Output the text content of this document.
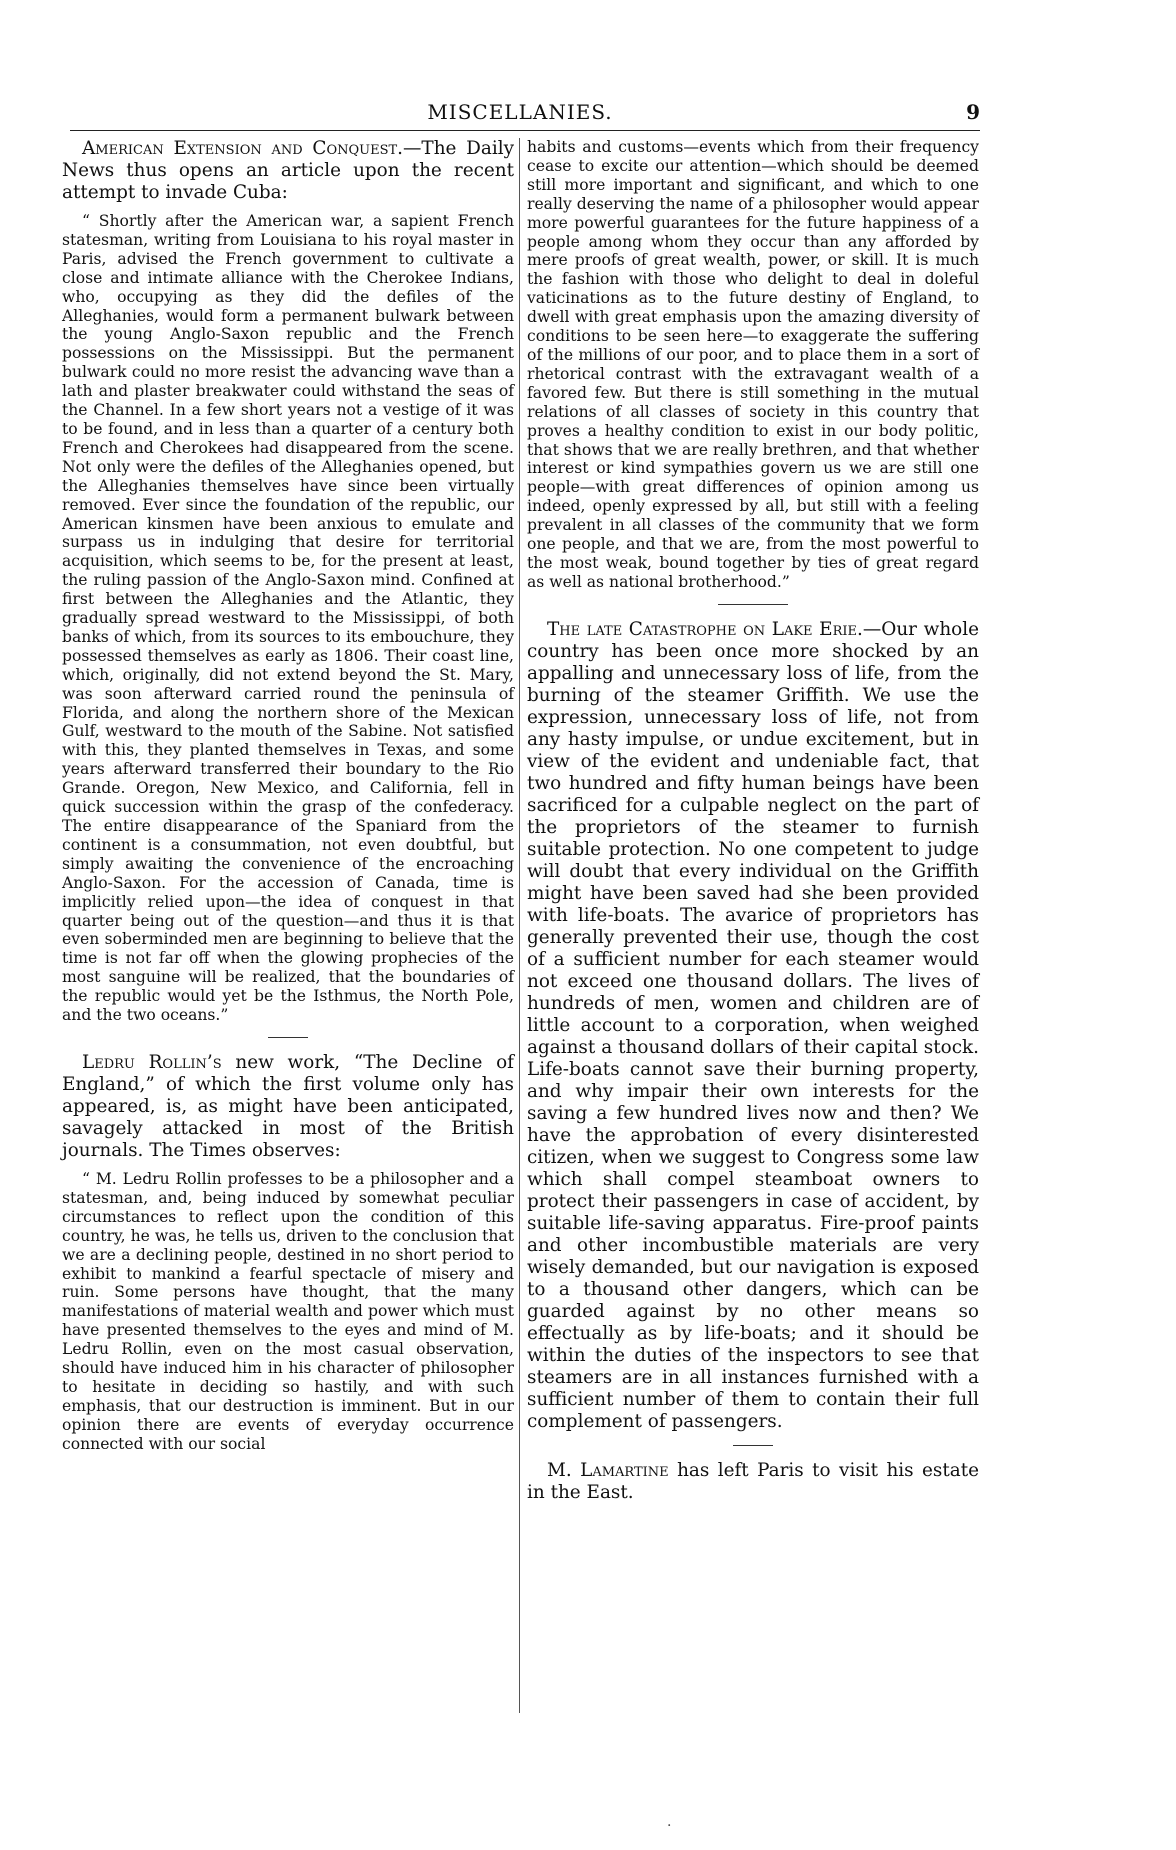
MISCELLANIES.	9

American Extension and Conquest.—The Daily News thus opens an article upon the recent attempt to invade Cuba:

“ Shortly after the American war, a sapient French statesman, writing from Louisiana to his royal master in Paris, advised the French government to cultivate a close and intimate alliance with the Cherokee Indians, who, occupying as they did the defiles of the Alleghanies, would form a permanent bulwark between the young Anglo-Saxon republic and the French possessions on the Mississippi. But the permanent bulwark could no more resist the advancing wave than a lath and plaster breakwater could withstand the seas of the Channel. In a few short years not a vestige of it was to be found, and in less than a quarter of a century both French and Cherokees had disappeared from the scene. Not only were the defiles of the Alleghanies opened, but the Alleghanies themselves have since been virtually removed. Ever since the foundation of the republic, our American kinsmen have been anxious to emulate and surpass us in indulging that desire for territorial acquisition, which seems to be, for the present at least, the ruling passion of the Anglo-Saxon mind. Confined at first between the Alleghanies and the Atlantic, they gradually spread westward to the Mississippi, of both banks of which, from its sources to its embouchure, they possessed themselves as early as 1806. Their coast line, which, originally, did not extend beyond the St. Mary, was soon afterward carried round the peninsula of Florida, and along the northern shore of the Mexican Gulf, westward to the mouth of the Sabine. Not satisfied with this, they planted themselves in Texas, and some years afterward transferred their boundary to the Rio Grande. Oregon, New Mexico, and California, fell in quick succession within the grasp of the confederacy. The entire disappearance of the Spaniard from the continent is a consummation, not even doubtful, but simply awaiting the convenience of the encroaching Anglo-Saxon. For the accession of Canada, time is implicitly relied upon—the idea of conquest in that quarter being out of the question—and thus it is that even soberminded men are beginning to believe that the time is not far off when the glowing prophecies of the most sanguine will be realized, that the boundaries of the republic would yet be the Isthmus, the North Pole, and the two oceans.”

Ledru Rollin’s new work, “The Decline of England,” of which the first volume only has appeared, is, as might have been anticipated, savagely attacked in most of the British journals. The Times observes:

“ M. Ledru Rollin professes to be a philosopher and a statesman, and, being induced by somewhat peculiar circumstances to reflect upon the condition of this country, he was, he tells us, driven to the conclusion that we are a declining people, destined in no short period to exhibit to mankind a fearful spectacle of misery and ruin. Some persons have thought, that the many manifestations of material wealth and power which must have presented themselves to the eyes and mind of M. Ledru Rollin, even on the most casual observation, should have induced him in his character of philosopher to hesitate in deciding so hastily, and with such emphasis, that our destruction is imminent. But in our opinion there are events of everyday occurrence connected with our social

habits and customs—events which from their frequency cease to excite our attention—which should be deemed still more important and significant, and which to one really deserving the name of a philosopher would appear more powerful guarantees for the future happiness of a people among whom they occur than any afforded by mere proofs of great wealth, power, or skill. It is much the fashion with those who delight to deal in doleful vaticinations as to the future destiny of England, to dwell with great emphasis upon the amazing diversity of conditions to be seen here—to exaggerate the suffering of the millions of our poor, and to place them in a sort of rhetorical contrast with the extravagant wealth of a favored few. But there is still something in the mutual relations of all classes of society in this country that proves a healthy condition to exist in our body politic, that shows that we are really brethren, and that whether interest or kind sympathies govern us we are still one people—with great differences of opinion among us indeed, openly expressed by all, but still with a feeling prevalent in all classes of the community that we form one people, and that we are, from the most powerful to the most weak, bound together by ties of great regard as well as national brotherhood.”

The late Catastrophe on Lake Erie.—Our whole country has been once more shocked by an appalling and unnecessary loss of life, from the burning of the steamer Griffith. We use the expression, unnecessary loss of life, not from any hasty impulse, or undue excitement, but in view of the evident and undeniable fact, that two hundred and fifty human beings have been sacrificed for a culpable neglect on the part of the proprietors of the steamer to furnish suitable protection. No one competent to judge will doubt that every individual on the Griffith might have been saved had she been provided with life-boats. The avarice of proprietors has generally prevented their use, though the cost of a sufficient number for each steamer would not exceed one thousand dollars. The lives of hundreds of men, women and children are of little account to a corporation, when weighed against a thousand dollars of their capital stock. Life-boats cannot save their burning property, and why impair their own interests for the saving a few hundred lives now and then? We have the approbation of every disinterested citizen, when we suggest to Congress some law which shall compel steamboat owners to protect their passengers in case of accident, by suitable life-saving apparatus. Fire-proof paints and other incombustible materials are very wisely demanded, but our navigation is exposed to a thousand other dangers, which can be guarded against by no other means so effectually as by life-boats; and it should be within the duties of the inspectors to see that steamers are in all instances furnished with a sufficient number of them to contain their full complement of passengers.

M. Lamartine has left Paris to visit his estate in the East.

·
